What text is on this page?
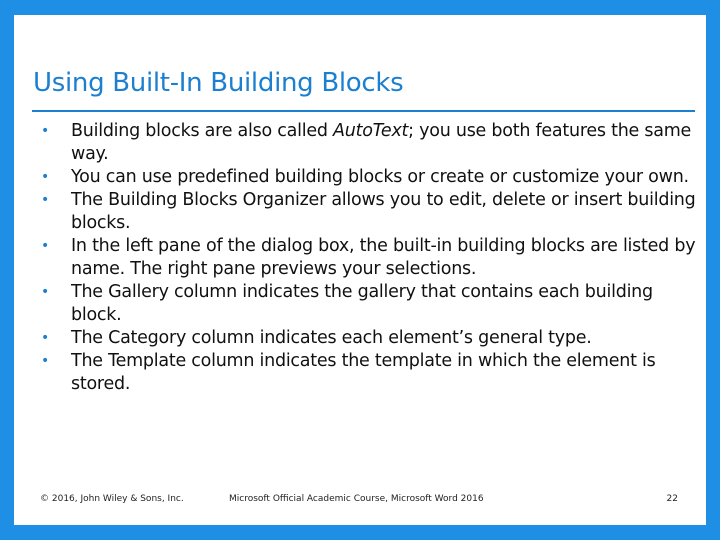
Using Built-In Building Blocks
• Building blocks are also called AutoText; you use both features the same way.
• You can use predefined building blocks or create or customize your own.
• The Building Blocks Organizer allows you to edit, delete or insert building blocks.
• In the left pane of the dialog box, the built-in building blocks are listed by name. The right pane previews your selections.
• The Gallery column indicates the gallery that contains each building block.
• The Category column indicates each element’s general type.
• The Template column indicates the template in which the element is stored.
© 2016, John Wiley & Sons, Inc.	Microsoft Official Academic Course, Microsoft Word 2016	22
